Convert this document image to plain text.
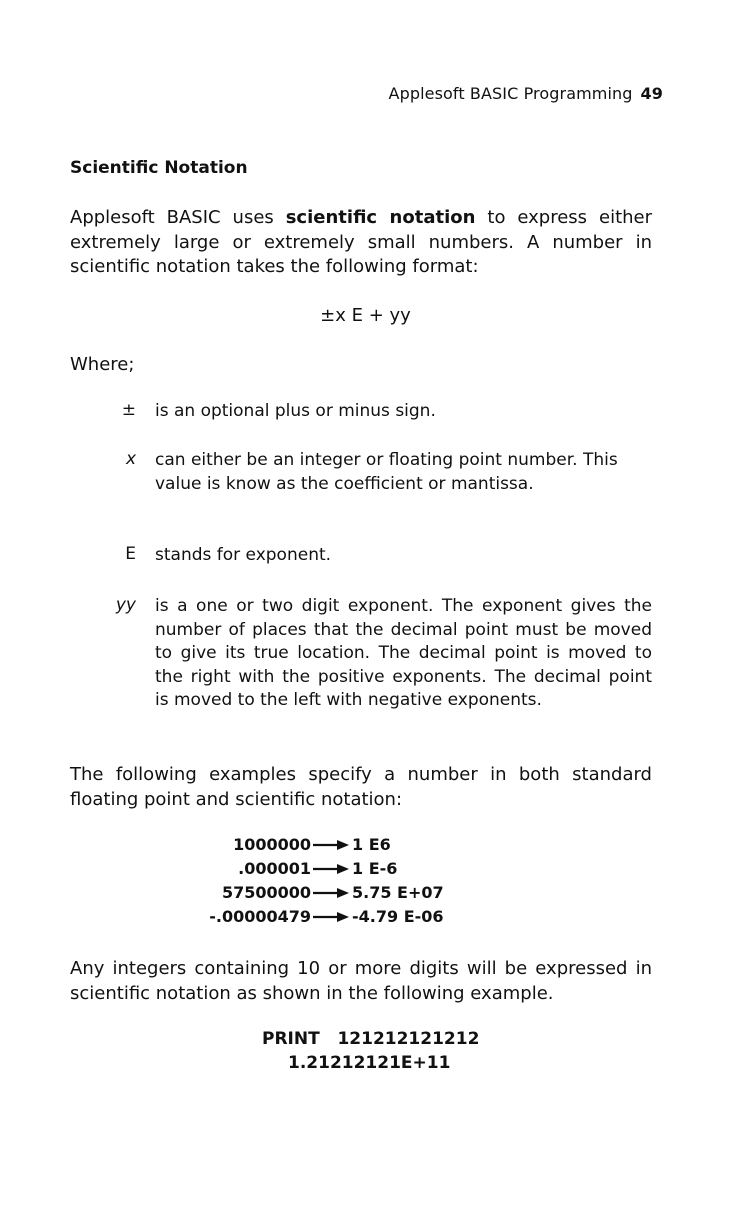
Applesoft BASIC Programming 49
Scientific Notation
Applesoft BASIC uses scientific notation to express either extremely large or extremely small numbers. A number in scientific notation takes the following format:
±x E + yy
Where;
± is an optional plus or minus sign.
x can either be an integer or floating point number. This value is know as the coefficient or mantissa.
E stands for exponent.
yy is a one or two digit exponent. The exponent gives the number of places that the decimal point must be moved to give its true location. The decimal point is moved to the right with the positive exponents. The decimal point is moved to the left with negative exponents.
The following examples specify a number in both standard floating point and scientific notation:
1000000	1 E6
.000001	1 E-6
57500000	5.75 E+07
-.00000479	-4.79 E-06
Any integers containing 10 or more digits will be expressed in scientific notation as shown in the following example.
PRINT   121212121212
1.21212121E+11
